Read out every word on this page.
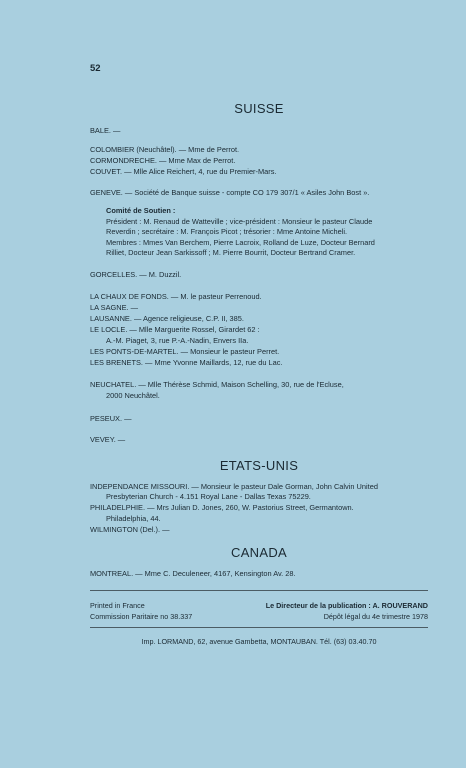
52
SUISSE
BALE. —
COLOMBIER (Neuchâtel). — Mme de Perrot.
CORMONDRECHE. — Mme Max de Perrot.
COUVET. — Mlle Alice Reichert, 4, rue du Premier-Mars.
GENEVE. — Société de Banque suisse - compte CO 179 307/1 « Asiles John Bost ».
Comité de Soutien :
Président : M. Renaud de Watteville ; vice-président : Monsieur le pasteur Claude
Reverdin ; secrétaire : M. François Picot ; trésorier : Mme Antoine Micheli.
Membres : Mmes Van Berchem, Pierre Lacroix, Rolland de Luze, Docteur Bernard
Rilliet, Docteur Jean Sarkissoff ; M. Pierre Bourrit, Docteur Bertrand Cramer.
GORCELLES. — M. Duzzil.
LA CHAUX DE FONDS. — M. le pasteur Perrenoud.
LA SAGNE. —
LAUSANNE. — Agence religieuse, C.P. II, 385.
LE LOCLE. — Mlle Marguerite Rossel, Girardet 62 :
A.-M. Piaget, 3, rue P.-A.-Nadin, Envers IIa.
LES PONTS-DE-MARTEL. — Monsieur le pasteur Perret.
LES BRENETS. — Mme Yvonne Maillards, 12, rue du Lac.
NEUCHATEL. — Mlle Thérèse Schmid, Maison Schelling, 30, rue de l'Ecluse,
2000 Neuchâtel.
PESEUX. —
VEVEY. —
ETATS-UNIS
INDEPENDANCE MISSOURI. — Monsieur le pasteur Dale Gorman, John Calvin United
Presbyterian Church - 4.151 Royal Lane - Dallas Texas 75229.
PHILADELPHIE. — Mrs Julian D. Jones, 260, W. Pastorius Street, Germantown.
Philadelphia, 44.
WILMINGTON (Del.). —
CANADA
MONTREAL. — Mme C. Deculeneer, 4167, Kensington Av. 28.
Printed in France
Commission Paritaire no 38.337
Le Directeur de la publication : A. ROUVERAND
Dépôt légal du 4e trimestre 1978
Imp. LORMAND, 62, avenue Gambetta, MONTAUBAN. Tél. (63) 03.40.70
